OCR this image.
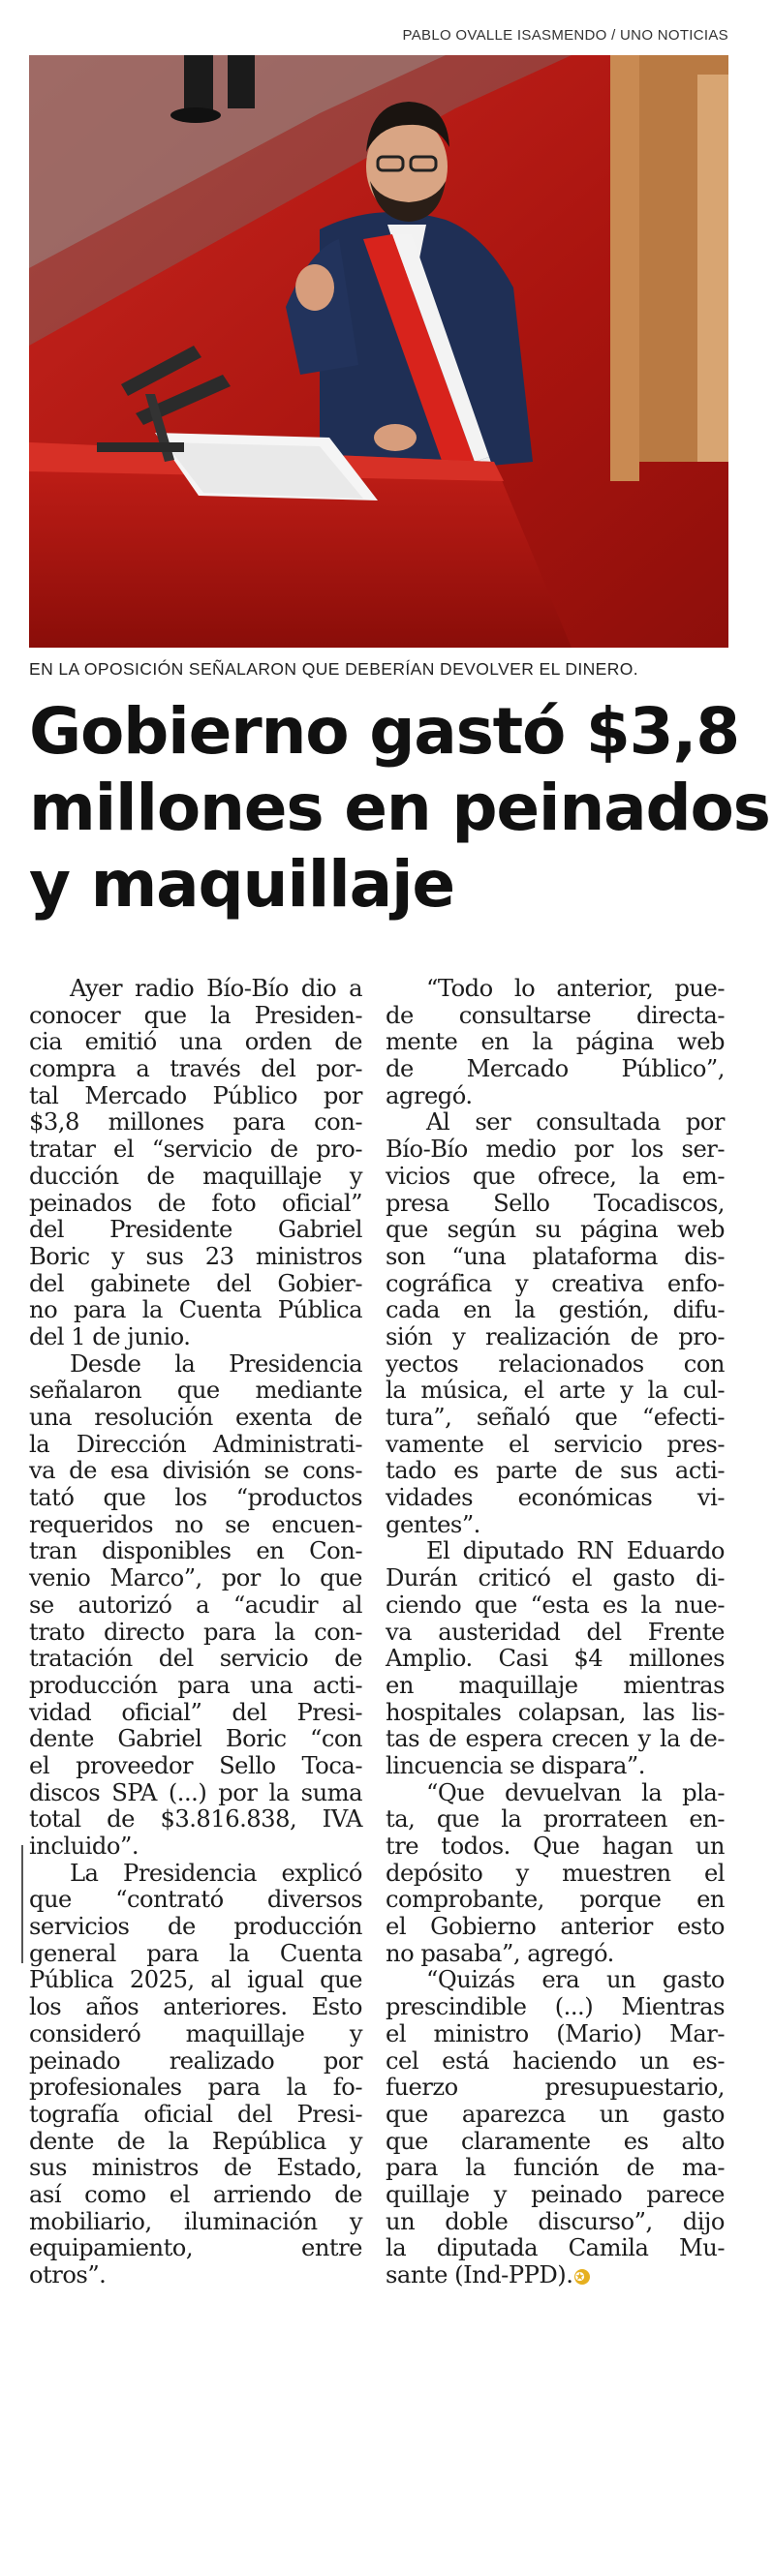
PABLO OVALLE ISASMENDO / UNO NOTICIAS
EN LA OPOSICIÓN SEÑALARON QUE DEBERÍAN DEVOLVER EL DINERO.
Gobierno gastó $3,8
millones en peinados
y maquillaje

Ayer radio Bío-Bío dio a
conocer que la Presiden-
cia emitió una orden de
compra a través del por-
tal Mercado Público por
$3,8 millones para con-
tratar el “servicio de pro-
ducción de maquillaje y
peinados de foto oficial”
del Presidente Gabriel
Boric y sus 23 ministros
del gabinete del Gobier-
no para la Cuenta Pública
del 1 de junio.

Desde la Presidencia
señalaron que mediante
una resolución exenta de
la Dirección Administrati-
va de esa división se cons-
tató que los “productos
requeridos no se encuen-
tran disponibles en Con-
venio Marco”, por lo que
se autorizó a “acudir al
trato directo para la con-
tratación del servicio de
producción para una acti-
vidad oficial” del Presi-
dente Gabriel Boric “con
el proveedor Sello Toca-
discos SPA (...) por la suma
total de $3.816.838, IVA
incluido”.

La Presidencia explicó
que “contrató diversos
servicios de producción
general para la Cuenta
Pública 2025, al igual que
los años anteriores. Esto
consideró maquillaje y
peinado realizado por
profesionales para la fo-
tografía oficial del Presi-
dente de la República y
sus ministros de Estado,
así como el arriendo de
mobiliario, iluminación y
equipamiento, entre
otros”.

“Todo lo anterior, pue-
de consultarse directa-
mente en la página web
de Mercado Público”,
agregó.

Al ser consultada por
Bío-Bío medio por los ser-
vicios que ofrece, la em-
presa Sello Tocadiscos,
que según su página web
son “una plataforma dis-
cográfica y creativa enfo-
cada en la gestión, difu-
sión y realización de pro-
yectos relacionados con
la música, el arte y la cul-
tura”, señaló que “efecti-
vamente el servicio pres-
tado es parte de sus acti-
vidades económicas vi-
gentes”.

El diputado RN Eduardo
Durán criticó el gasto di-
ciendo que “esta es la nue-
va austeridad del Frente
Amplio. Casi $4 millones
en maquillaje mientras
hospitales colapsan, las lis-
tas de espera crecen y la de-
lincuencia se dispara”.

“Que devuelvan la pla-
ta, que la prorrateen en-
tre todos. Que hagan un
depósito y muestren el
comprobante, porque en
el Gobierno anterior esto
no pasaba”, agregó.

“Quizás era un gasto
prescindible (...) Mientras
el ministro (Mario) Mar-
cel está haciendo un es-
fuerzo presupuestario,
que aparezca un gasto
que claramente es alto
para la función de ma-
quillaje y peinado parece
un doble discurso”, dijo
la diputada Camila Mu-
sante (Ind-PPD). ✪
